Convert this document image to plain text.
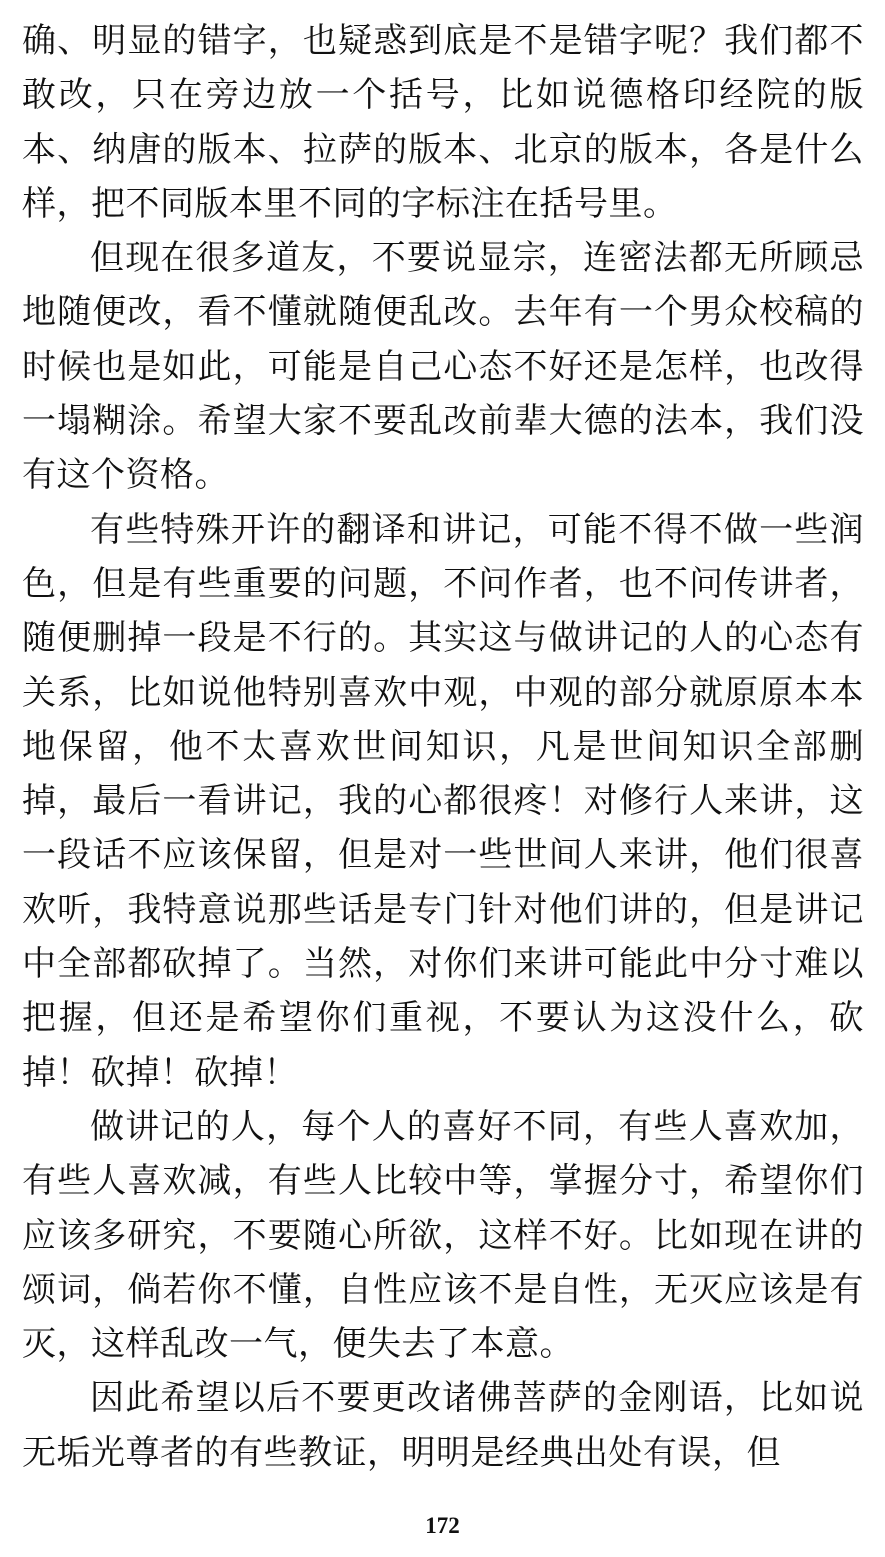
确、明显的错字，也疑惑到底是不是错字呢？我们都不敢改，只在旁边放一个括号，比如说德格印经院的版本、纳唐的版本、拉萨的版本、北京的版本，各是什么样，把不同版本里不同的字标注在括号里。

但现在很多道友，不要说显宗，连密法都无所顾忌地随便改，看不懂就随便乱改。去年有一个男众校稿的时候也是如此，可能是自己心态不好还是怎样，也改得一塌糊涂。希望大家不要乱改前辈大德的法本，我们没有这个资格。

有些特殊开许的翻译和讲记，可能不得不做一些润色，但是有些重要的问题，不问作者，也不问传讲者，随便删掉一段是不行的。其实这与做讲记的人的心态有关系，比如说他特别喜欢中观，中观的部分就原原本本地保留，他不太喜欢世间知识，凡是世间知识全部删掉，最后一看讲记，我的心都很疼！对修行人来讲，这一段话不应该保留，但是对一些世间人来讲，他们很喜欢听，我特意说那些话是专门针对他们讲的，但是讲记中全部都砍掉了。当然，对你们来讲可能此中分寸难以把握，但还是希望你们重视，不要认为这没什么，砍掉！砍掉！砍掉！

做讲记的人，每个人的喜好不同，有些人喜欢加，有些人喜欢减，有些人比较中等，掌握分寸，希望你们应该多研究，不要随心所欲，这样不好。比如现在讲的颂词，倘若你不懂，自性应该不是自性，无灭应该是有灭，这样乱改一气，便失去了本意。

因此希望以后不要更改诸佛菩萨的金刚语，比如说无垢光尊者的有些教证，明明是经典出处有误，但

172
